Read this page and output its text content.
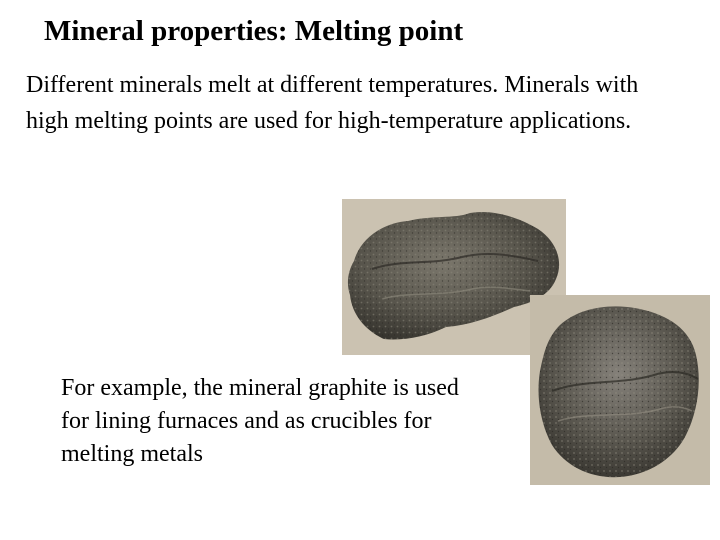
Mineral properties: Melting point
Different minerals melt at different temperatures. Minerals with high melting points are used for high-temperature applications.
For example, the mineral graphite is used for lining furnaces and as crucibles for melting metals
